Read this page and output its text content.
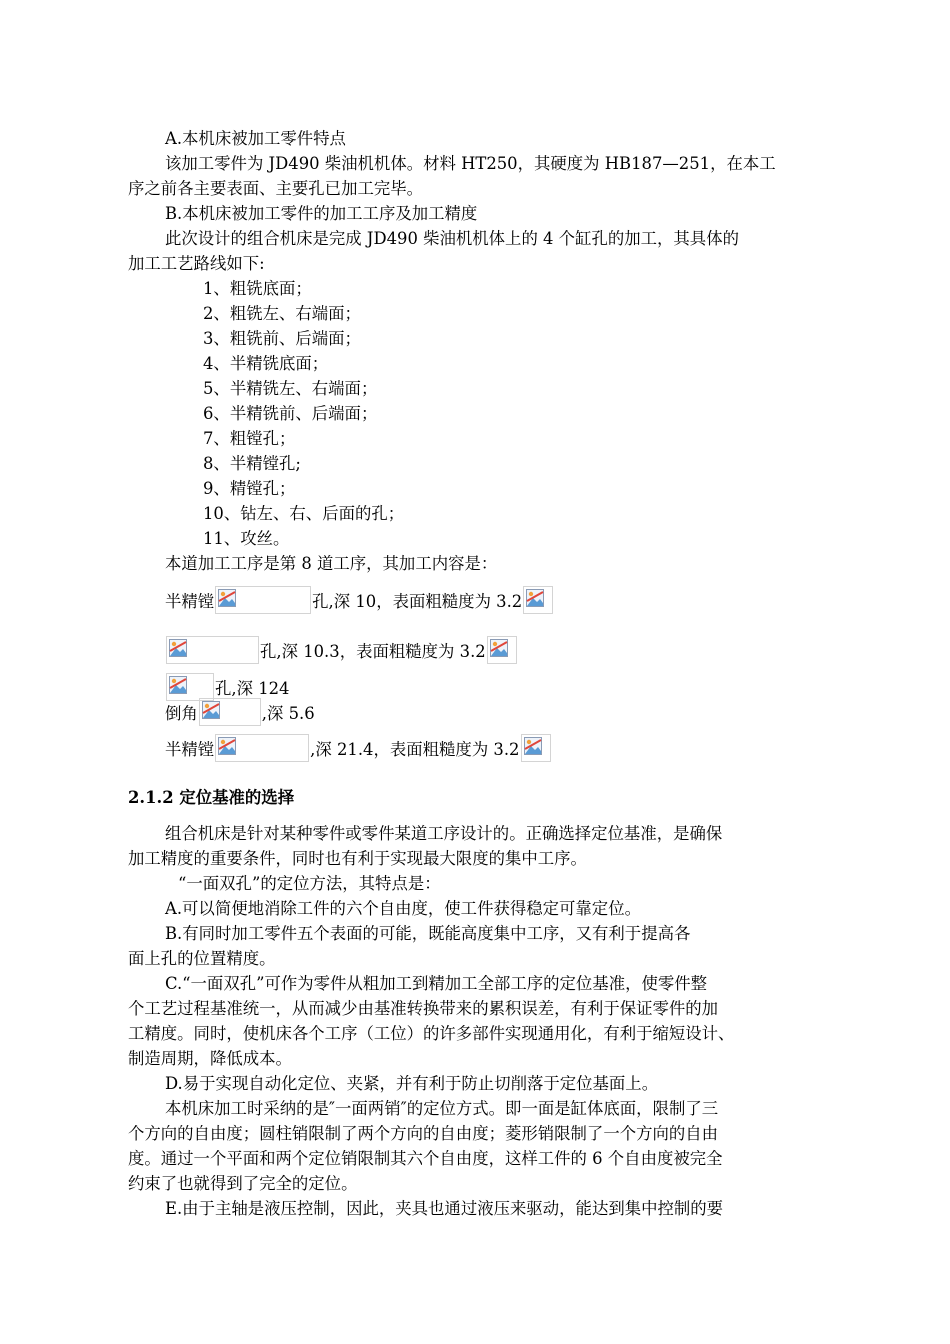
A.本机床被加工零件特点
该加工零件为 JD490 柴油机机体。材料 HT250，其硬度为 HB187—251，在本工
序之前各主要表面、主要孔已加工完毕。
B.本机床被加工零件的加工工序及加工精度
此次设计的组合机床是完成 JD490 柴油机机体上的 4 个缸孔的加工，其具体的
加工工艺路线如下:
1、粗铣底面；
2、粗铣左、右端面；
3、粗铣前、后端面；
4、半精铣底面；
5、半精铣左、右端面；
6、半精铣前、后端面；
7、粗镗孔；
8、半精镗孔;
9、精镗孔；
10、钻左、右、后面的孔；
11、攻丝。
本道加工工序是第 8 道工序，其加工内容是：
半精镗	孔,深 10，表面粗糙度为 3.2
孔,深 10.3，表面粗糙度为 3.2
孔,深 124
倒角	,深 5.6
半精镗	,深 21.4，表面粗糙度为 3.2
2.1.2 定位基准的选择
组合机床是针对某种零件或零件某道工序设计的。正确选择定位基准，是确保
加工精度的重要条件，同时也有利于实现最大限度的集中工序。
“一面双孔”的定位方法，其特点是：
A.可以简便地消除工件的六个自由度，使工件获得稳定可靠定位。
B.有同时加工零件五个表面的可能，既能高度集中工序，又有利于提高各
面上孔的位置精度。
C.“一面双孔”可作为零件从粗加工到精加工全部工序的定位基准，使零件整
个工艺过程基准统一，从而减少由基准转换带来的累积误差，有利于保证零件的加
工精度。同时，使机床各个工序（工位）的许多部件实现通用化，有利于缩短设计、
制造周期，降低成本。
D.易于实现自动化定位、夹紧，并有利于防止切削落于定位基面上。
本机床加工时采纳的是″一面两销″的定位方式。即一面是缸体底面，限制了三
个方向的自由度；圆柱销限制了两个方向的自由度；菱形销限制了一个方向的自由
度。通过一个平面和两个定位销限制其六个自由度，这样工件的 6 个自由度被完全
约束了也就得到了完全的定位。
E.由于主轴是液压控制，因此，夹具也通过液压来驱动，能达到集中控制的要
